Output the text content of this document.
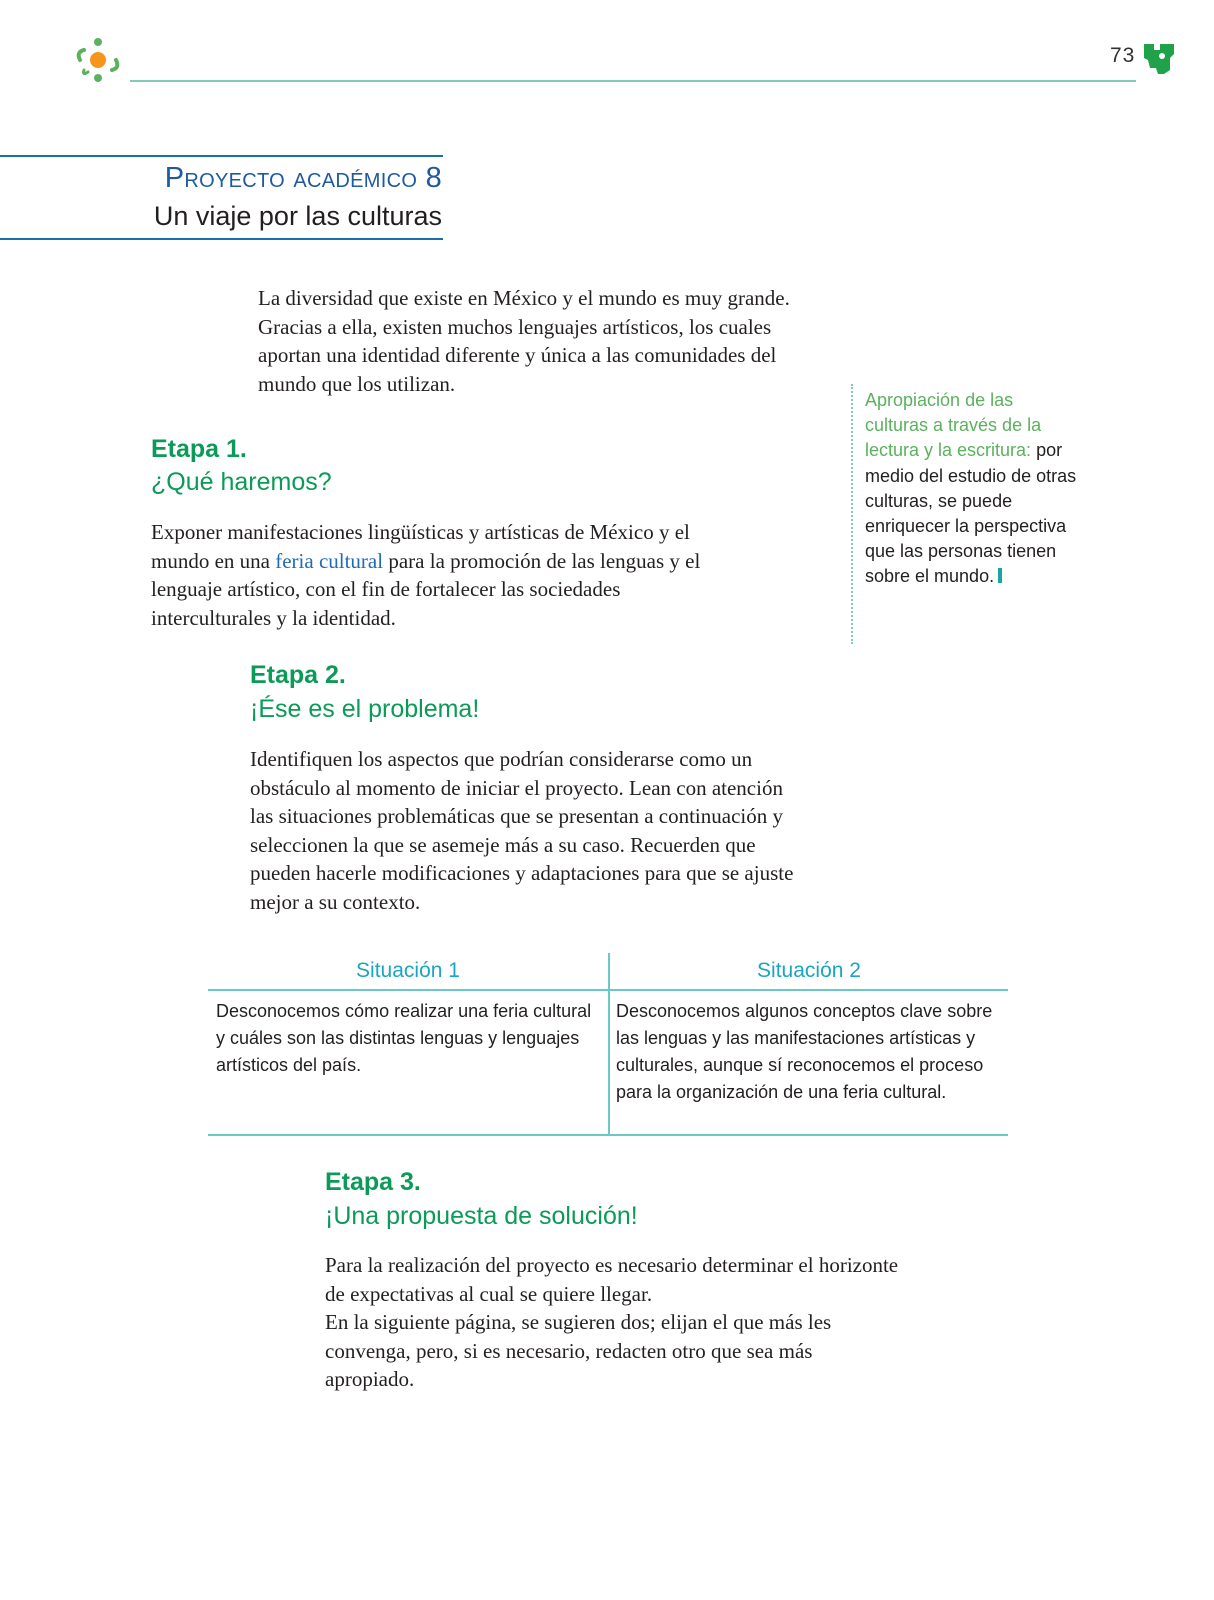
73
Proyecto académico 8
Un viaje por las culturas

La diversidad que existe en México y el mundo es muy grande. Gracias a ella, existen muchos lenguajes artísticos, los cuales aportan una identidad diferente y única a las comunidades del mundo que los utilizan.

Etapa 1.
¿Qué haremos?

Exponer manifestaciones lingüísticas y artísticas de México y el mundo en una feria cultural para la promoción de las lenguas y el lenguaje artístico, con el fin de fortalecer las sociedades interculturales y la identidad.

Apropiación de las culturas a través de la lectura y la escritura: por medio del estudio de otras culturas, se puede enriquecer la perspectiva que las personas tienen sobre el mundo.
Etapa 2.
¡Ése es el problema!

Identifiquen los aspectos que podrían considerarse como un obstáculo al momento de iniciar el proyecto. Lean con atención las situaciones problemáticas que se presentan a continuación y seleccionen la que se asemeje más a su caso. Recuerden que pueden hacerle modificaciones y adaptaciones para que se ajuste mejor a su contexto.

Situación 1	Situación 2
Desconocemos cómo realizar una feria cultural y cuáles son las distintas lenguas y lenguajes artísticos del país.
Desconocemos algunos conceptos clave sobre las lenguas y las manifestaciones artísticas y culturales, aunque sí reconocemos el proceso para la organización de una feria cultural.
Etapa 3.
¡Una propuesta de solución!

Para la realización del proyecto es necesario determinar el horizonte de expectativas al cual se quiere llegar.
En la siguiente página, se sugieren dos; elijan el que más les convenga, pero, si es necesario, redacten otro que sea más apropiado.
